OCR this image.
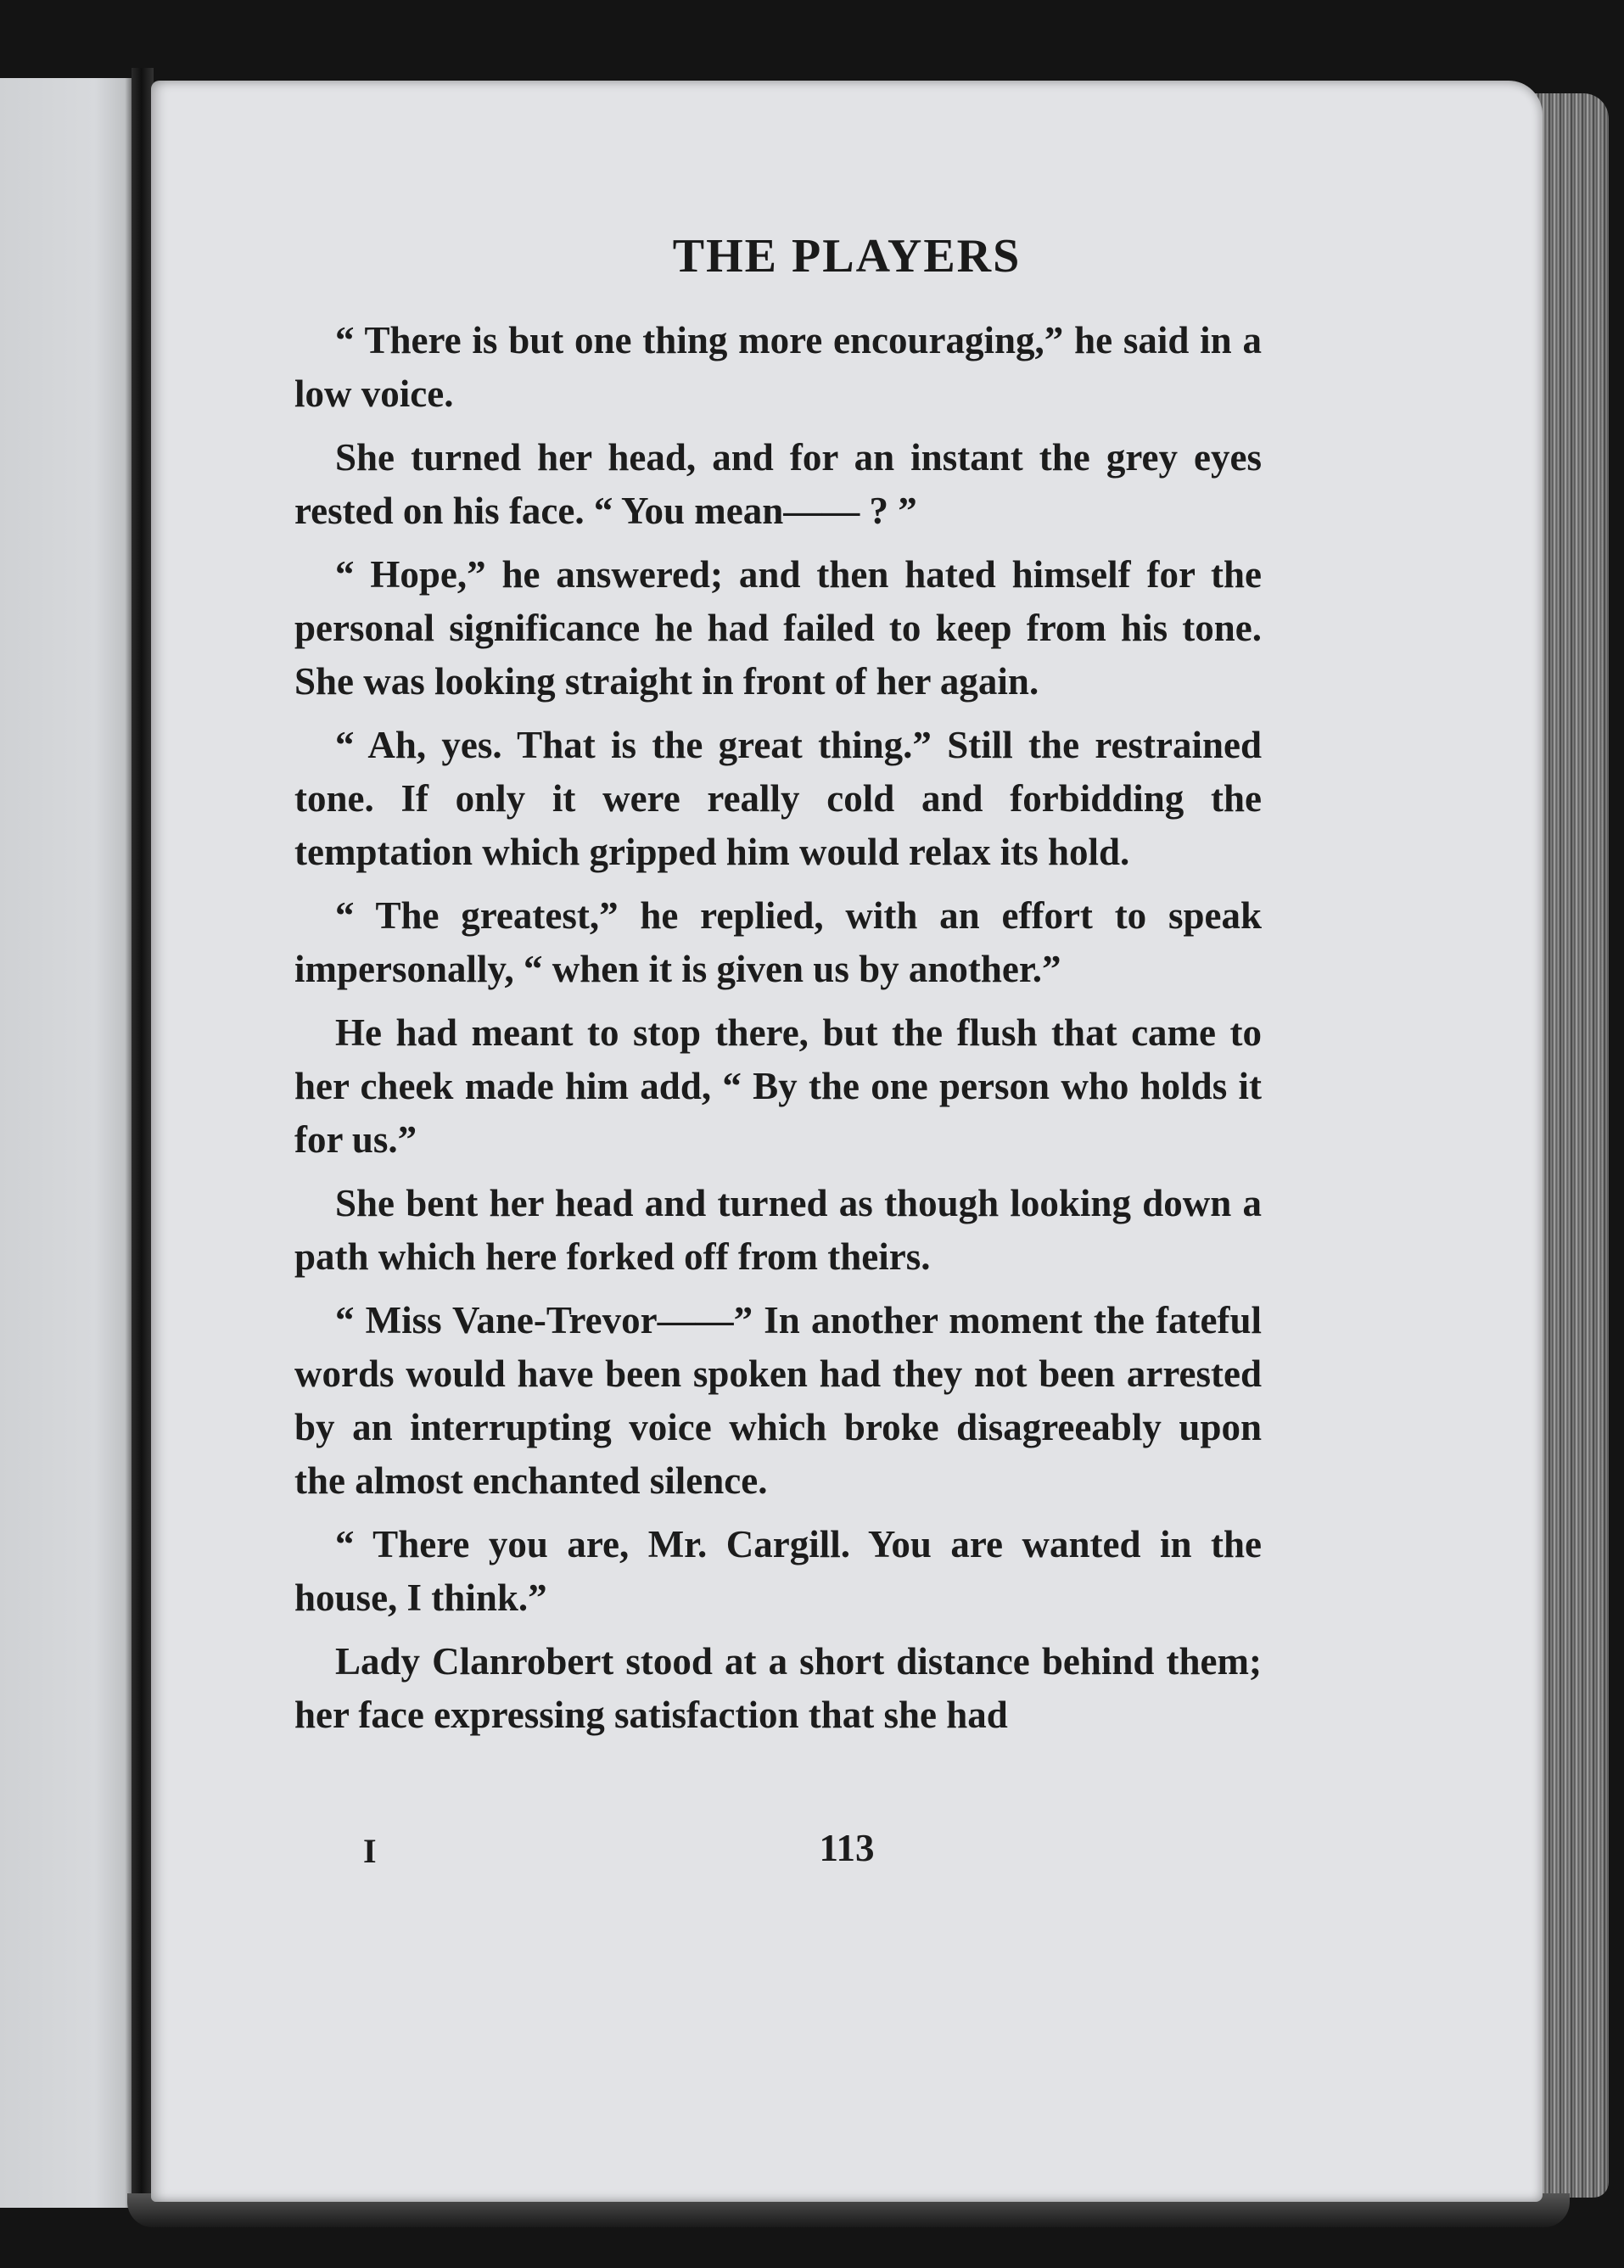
THE PLAYERS

“ There is but one thing more encouraging,” he said in a low voice.

She turned her head, and for an instant the grey eyes rested on his face. “ You mean—— ? ”

“ Hope,” he answered; and then hated himself for the personal significance he had failed to keep from his tone. She was looking straight in front of her again.

“ Ah, yes. That is the great thing.” Still the restrained tone. If only it were really cold and forbidding the temptation which gripped him would relax its hold.

“ The greatest,” he replied, with an effort to speak impersonally, “ when it is given us by another.”

He had meant to stop there, but the flush that came to her cheek made him add, “ By the one person who holds it for us.”

She bent her head and turned as though looking down a path which here forked off from theirs.

“ Miss Vane-Trevor——” In another moment the fateful words would have been spoken had they not been arrested by an interrupting voice which broke disagreeably upon the almost enchanted silence.

“ There you are, Mr. Cargill. You are wanted in the house, I think.”

Lady Clanrobert stood at a short distance behind them; her face expressing satisfaction that she had

I	113
